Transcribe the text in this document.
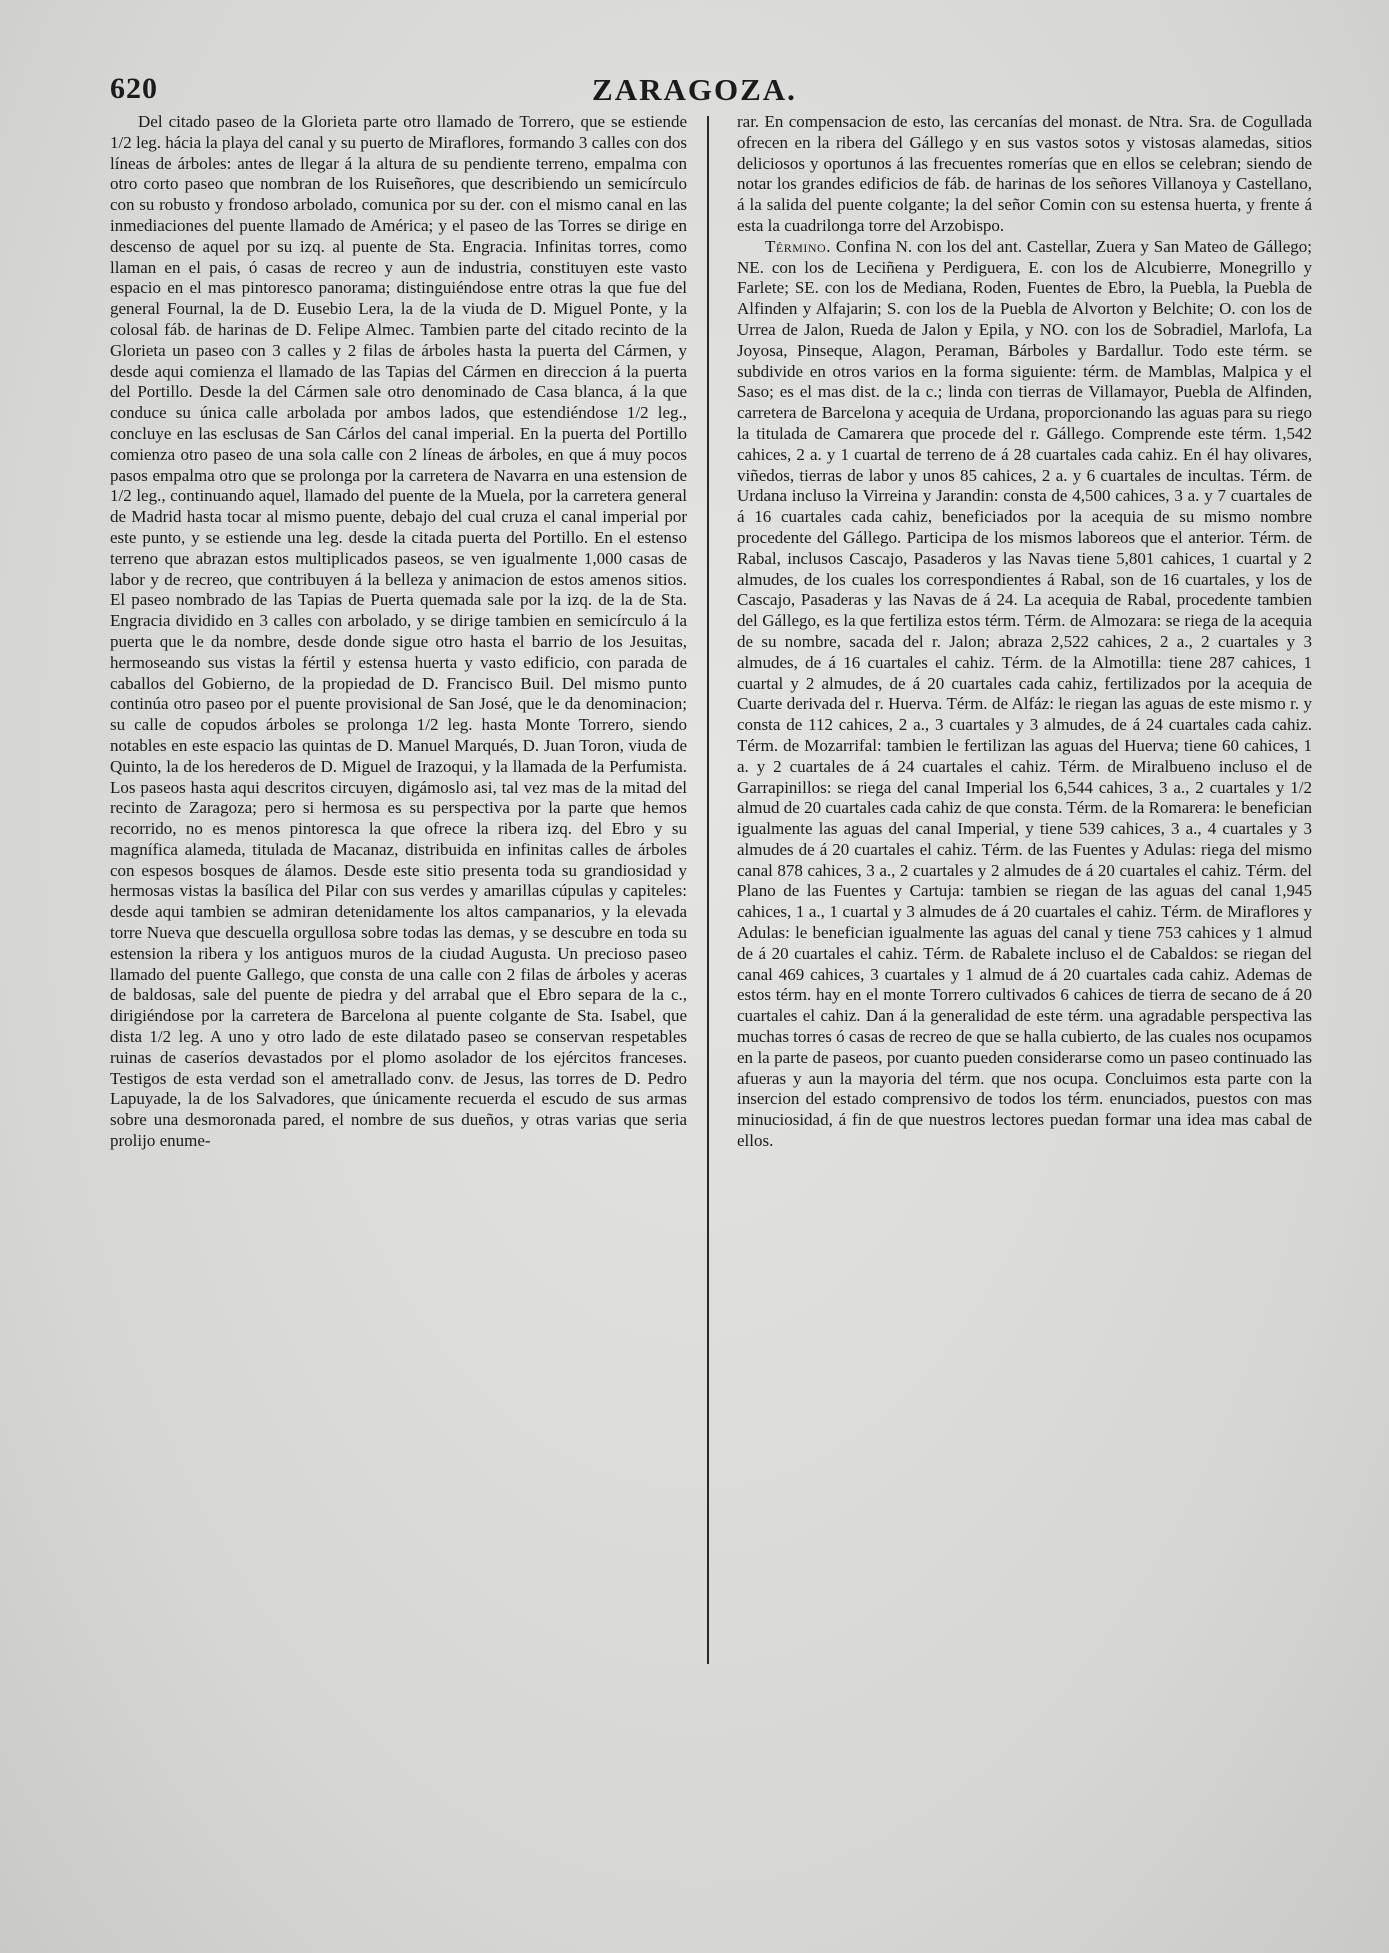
620	ZARAGOZA.

Del citado paseo de la Glorieta parte otro llamado de Torrero, que se estiende 1/2 leg. hácia la playa del canal y su puerto de Miraflores, formando 3 calles con dos líneas de árboles: antes de llegar á la altura de su pendiente terreno, empalma con otro corto paseo que nombran de los Ruiseñores, que describiendo un semicírculo con su robusto y frondoso arbolado, comunica por su der. con el mismo canal en las inmediaciones del puente llamado de América; y el paseo de las Torres se dirige en descenso de aquel por su izq. al puente de Sta. Engracia. Infinitas torres, como llaman en el pais, ó casas de recreo y aun de industria, constituyen este vasto espacio en el mas pintoresco panorama; distinguiéndose entre otras la que fue del general Fournal, la de D. Eusebio Lera, la de la viuda de D. Miguel Ponte, y la colosal fáb. de harinas de D. Felipe Almec. Tambien parte del citado recinto de la Glorieta un paseo con 3 calles y 2 filas de árboles hasta la puerta del Cármen, y desde aqui comienza el llamado de las Tapias del Cármen en direccion á la puerta del Portillo. Desde la del Cármen sale otro denominado de Casa blanca, á la que conduce su única calle arbolada por ambos lados, que estendiéndose 1/2 leg., concluye en las esclusas de San Cárlos del canal imperial. En la puerta del Portillo comienza otro paseo de una sola calle con 2 líneas de árboles, en que á muy pocos pasos empalma otro que se prolonga por la carretera de Navarra en una estension de 1/2 leg., continuando aquel, llamado del puente de la Muela, por la carretera general de Madrid hasta tocar al mismo puente, debajo del cual cruza el canal imperial por este punto, y se estiende una leg. desde la citada puerta del Portillo. En el estenso terreno que abrazan estos multiplicados paseos, se ven igualmente 1,000 casas de labor y de recreo, que contribuyen á la belleza y animacion de estos amenos sitios. El paseo nombrado de las Tapias de Puerta quemada sale por la izq. de la de Sta. Engracia dividido en 3 calles con arbolado, y se dirige tambien en semicírculo á la puerta que le da nombre, desde donde sigue otro hasta el barrio de los Jesuitas, hermoseando sus vistas la fértil y estensa huerta y vasto edificio, con parada de caballos del Gobierno, de la propiedad de D. Francisco Buil. Del mismo punto continúa otro paseo por el puente provisional de San José, que le da denominacion; su calle de copudos árboles se prolonga 1/2 leg. hasta Monte Torrero, siendo notables en este espacio las quintas de D. Manuel Marqués, D. Juan Toron, viuda de Quinto, la de los herederos de D. Miguel de Irazoqui, y la llamada de la Perfumista. Los paseos hasta aqui descritos circuyen, digámoslo asi, tal vez mas de la mitad del recinto de Zaragoza; pero si hermosa es su perspectiva por la parte que hemos recorrido, no es menos pintoresca la que ofrece la ribera izq. del Ebro y su magnífica alameda, titulada de Macanaz, distribuida en infinitas calles de árboles con espesos bosques de álamos. Desde este sitio presenta toda su grandiosidad y hermosas vistas la basílica del Pilar con sus verdes y amarillas cúpulas y capiteles: desde aqui tambien se admiran detenidamente los altos campanarios, y la elevada torre Nueva que descuella orgullosa sobre todas las demas, y se descubre en toda su estension la ribera y los antiguos muros de la ciudad Augusta. Un precioso paseo llamado del puente Gallego, que consta de una calle con 2 filas de árboles y aceras de baldosas, sale del puente de piedra y del arrabal que el Ebro separa de la c., dirigiéndose por la carretera de Barcelona al puente colgante de Sta. Isabel, que dista 1/2 leg. A uno y otro lado de este dilatado paseo se conservan respetables ruinas de caseríos devastados por el plomo asolador de los ejércitos franceses. Testigos de esta verdad son el ametrallado conv. de Jesus, las torres de D. Pedro Lapuyade, la de los Salvadores, que únicamente recuerda el escudo de sus armas sobre una desmoronada pared, el nombre de sus dueños, y otras varias que seria prolijo enume-

rar. En compensacion de esto, las cercanías del monast. de Ntra. Sra. de Cogullada ofrecen en la ribera del Gállego y en sus vastos sotos y vistosas alamedas, sitios deliciosos y oportunos á las frecuentes romerías que en ellos se celebran; siendo de notar los grandes edificios de fáb. de harinas de los señores Villanoya y Castellano, á la salida del puente colgante; la del señor Comin con su estensa huerta, y frente á esta la cuadrilonga torre del Arzobispo.

Término. Confina N. con los del ant. Castellar, Zuera y San Mateo de Gállego; NE. con los de Leciñena y Perdiguera, E. con los de Alcubierre, Monegrillo y Farlete; SE. con los de Mediana, Roden, Fuentes de Ebro, la Puebla, la Puebla de Alfinden y Alfajarin; S. con los de la Puebla de Alvorton y Belchite; O. con los de Urrea de Jalon, Rueda de Jalon y Epila, y NO. con los de Sobradiel, Marlofa, La Joyosa, Pinseque, Alagon, Peraman, Bárboles y Bardallur. Todo este térm. se subdivide en otros varios en la forma siguiente: térm. de Mamblas, Malpica y el Saso; es el mas dist. de la c.; linda con tierras de Villamayor, Puebla de Alfinden, carretera de Barcelona y acequia de Urdana, proporcionando las aguas para su riego la titulada de Camarera que procede del r. Gállego. Comprende este térm. 1,542 cahices, 2 a. y 1 cuartal de terreno de á 28 cuartales cada cahiz. En él hay olivares, viñedos, tierras de labor y unos 85 cahices, 2 a. y 6 cuartales de incultas. Térm. de Urdana incluso la Virreina y Jarandin: consta de 4,500 cahices, 3 a. y 7 cuartales de á 16 cuartales cada cahiz, beneficiados por la acequia de su mismo nombre procedente del Gállego. Participa de los mismos laboreos que el anterior. Térm. de Rabal, inclusos Cascajo, Pasaderos y las Navas tiene 5,801 cahices, 1 cuartal y 2 almudes, de los cuales los correspondientes á Rabal, son de 16 cuartales, y los de Cascajo, Pasaderas y las Navas de á 24. La acequia de Rabal, procedente tambien del Gállego, es la que fertiliza estos térm. Térm. de Almozara: se riega de la acequia de su nombre, sacada del r. Jalon; abraza 2,522 cahices, 2 a., 2 cuartales y 3 almudes, de á 16 cuartales el cahiz. Térm. de la Almotilla: tiene 287 cahices, 1 cuartal y 2 almudes, de á 20 cuartales cada cahiz, fertilizados por la acequia de Cuarte derivada del r. Huerva. Térm. de Alfáz: le riegan las aguas de este mismo r. y consta de 112 cahices, 2 a., 3 cuartales y 3 almudes, de á 24 cuartales cada cahiz. Térm. de Mozarrifal: tambien le fertilizan las aguas del Huerva; tiene 60 cahices, 1 a. y 2 cuartales de á 24 cuartales el cahiz. Térm. de Miralbueno incluso el de Garrapinillos: se riega del canal Imperial los 6,544 cahices, 3 a., 2 cuartales y 1/2 almud de 20 cuartales cada cahiz de que consta. Térm. de la Romarera: le benefician igualmente las aguas del canal Imperial, y tiene 539 cahices, 3 a., 4 cuartales y 3 almudes de á 20 cuartales el cahiz. Térm. de las Fuentes y Adulas: riega del mismo canal 878 cahices, 3 a., 2 cuartales y 2 almudes de á 20 cuartales el cahiz. Térm. del Plano de las Fuentes y Cartuja: tambien se riegan de las aguas del canal 1,945 cahices, 1 a., 1 cuartal y 3 almudes de á 20 cuartales el cahiz. Térm. de Miraflores y Adulas: le benefician igualmente las aguas del canal y tiene 753 cahices y 1 almud de á 20 cuartales el cahiz. Térm. de Rabalete incluso el de Cabaldos: se riegan del canal 469 cahices, 3 cuartales y 1 almud de á 20 cuartales cada cahiz. Ademas de estos térm. hay en el monte Torrero cultivados 6 cahices de tierra de secano de á 20 cuartales el cahiz. Dan á la generalidad de este térm. una agradable perspectiva las muchas torres ó casas de recreo de que se halla cubierto, de las cuales nos ocupamos en la parte de paseos, por cuanto pueden considerarse como un paseo continuado las afueras y aun la mayoria del térm. que nos ocupa. Concluimos esta parte con la insercion del estado comprensivo de todos los térm. enunciados, puestos con mas minuciosidad, á fin de que nuestros lectores puedan formar una idea mas cabal de ellos.
